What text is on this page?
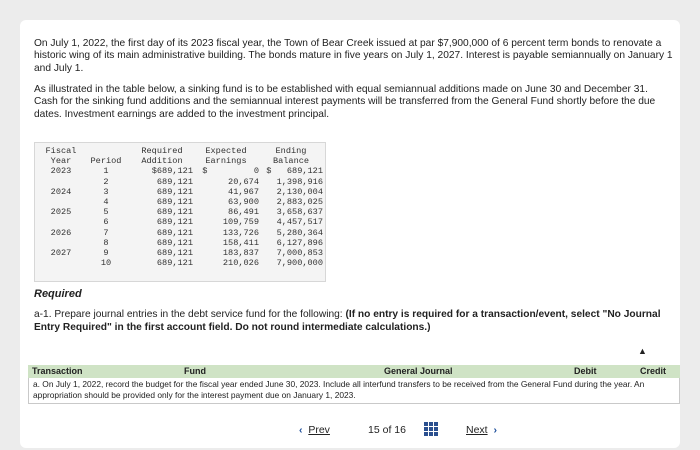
On July 1, 2022, the first day of its 2023 fiscal year, the Town of Bear Creek issued at par $7,900,000 of 6 percent term bonds to renovate a historic wing of its main administrative building. The bonds mature in five years on July 1, 2027. Interest is payable semiannually on January 1 and July 1.

As illustrated in the table below, a sinking fund is to be established with equal semiannual additions made on June 30 and December 31. Cash for the sinking fund additions and the semiannual interest payments will be transferred from the General Fund shortly before the due dates. Investment earnings are added to the investment principal.

Fiscal		Required	Expected	Ending
Year	Period	Addition	Earnings	Balance
2023	1	$689,121	$         0	$   689,121
	2	689,121	20,674	1,398,916
2024	3	689,121	41,967	2,130,004
	4	689,121	63,900	2,883,025
2025	5	689,121	86,491	3,658,637
	6	689,121	109,759	4,457,517
2026	7	689,121	133,726	5,280,364
	8	689,121	158,411	6,127,896
2027	9	689,121	183,837	7,000,853
	10	689,121	210,026	7,900,000
Required

a-1. Prepare journal entries in the debt service fund for the following: (If no entry is required for a transaction/event, select "No Journal Entry Required" in the first account field. Do not round intermediate calculations.)

▲
Transaction	Fund	General Journal	Debit	Credit
a. On July 1, 2022, record the budget for the fiscal year ended June 30, 2023. Include all interfund transfers to be received from the General Fund during the year. An appropriation should be provided only for the interest payment due on January 1, 2023.
‹ Prev	15 of 16	Next ›
